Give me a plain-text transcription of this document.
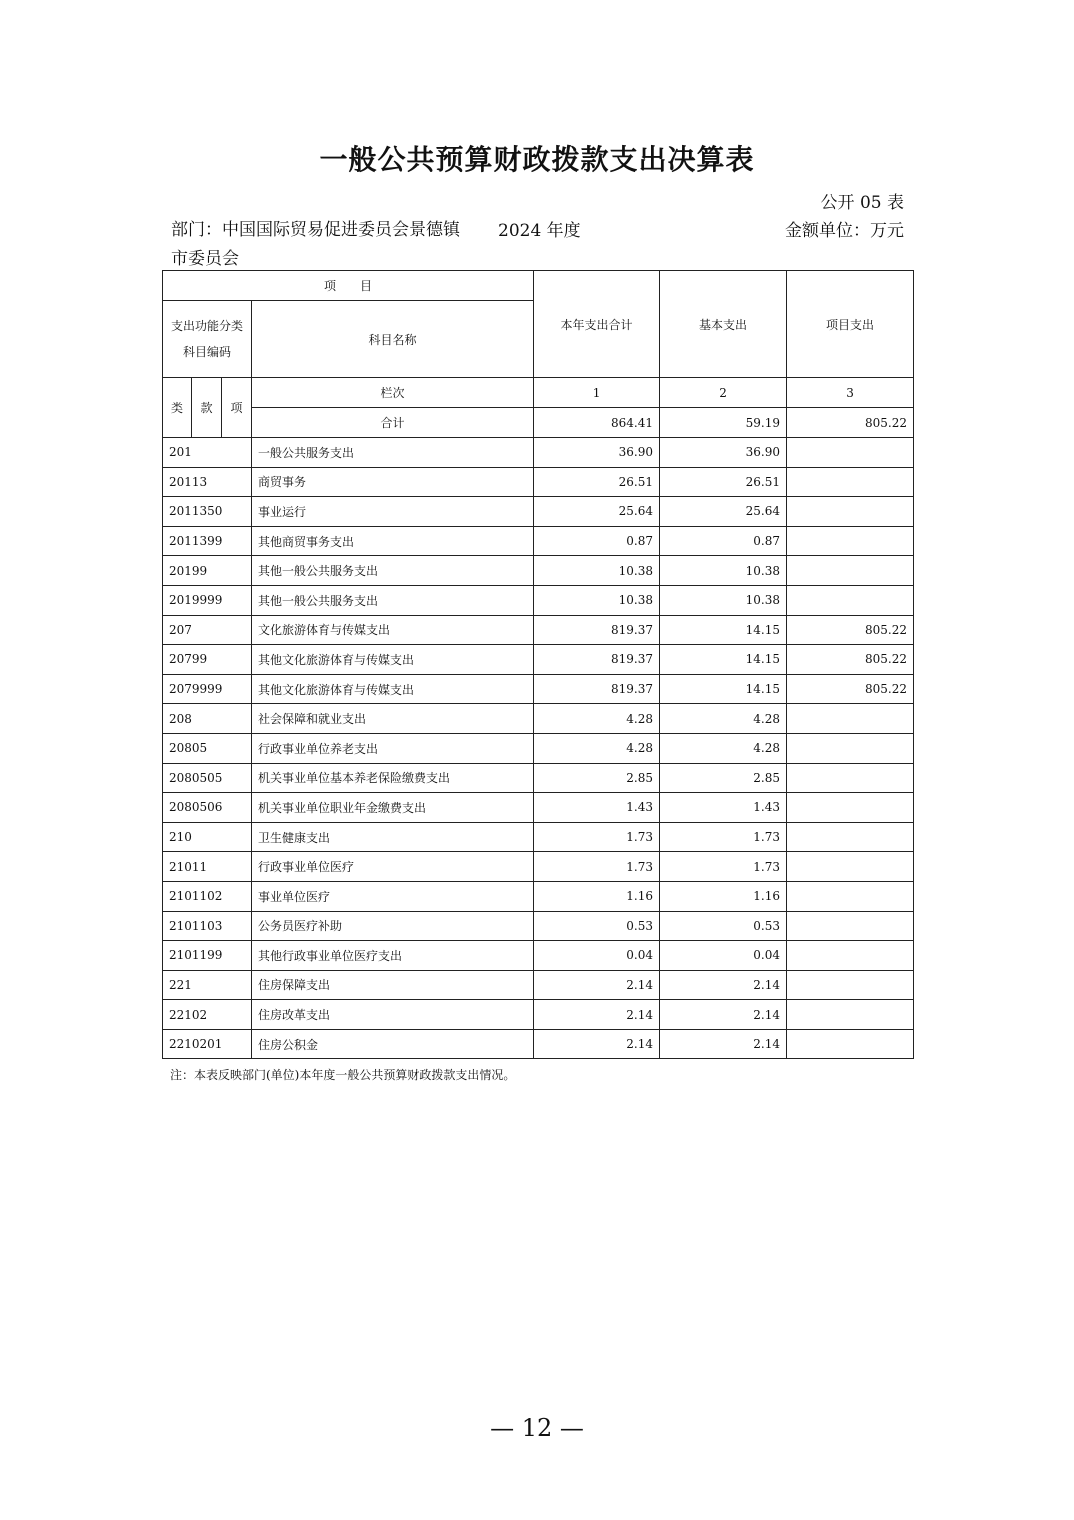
一般公共预算财政拨款支出决算表
公开 05 表
部门：中国国际贸易促进委员会景德镇市委员会
2024 年度	金额单位：万元
项　　目				本年支出合计	基本支出	项目支出
支出功能分类
科目编码			科目名称			
类	款	项	栏次	1	2	3
			合计	864.41	59.19	805.22
201			一般公共服务支出	36.90	36.90	
20113			商贸事务	26.51	26.51	
2011350			事业运行	25.64	25.64	
2011399			其他商贸事务支出	0.87	0.87	
20199			其他一般公共服务支出	10.38	10.38	
2019999			其他一般公共服务支出	10.38	10.38	
207			文化旅游体育与传媒支出	819.37	14.15	805.22
20799			其他文化旅游体育与传媒支出	819.37	14.15	805.22
2079999			其他文化旅游体育与传媒支出	819.37	14.15	805.22
208			社会保障和就业支出	4.28	4.28	
20805			行政事业单位养老支出	4.28	4.28	
2080505			机关事业单位基本养老保险缴费支出	2.85	2.85	
2080506			机关事业单位职业年金缴费支出	1.43	1.43	
210			卫生健康支出	1.73	1.73	
21011			行政事业单位医疗	1.73	1.73	
2101102			事业单位医疗	1.16	1.16	
2101103			公务员医疗补助	0.53	0.53	
2101199			其他行政事业单位医疗支出	0.04	0.04	
221			住房保障支出	2.14	2.14	
22102			住房改革支出	2.14	2.14	
2210201			住房公积金	2.14	2.14	
注：本表反映部门(单位)本年度一般公共预算财政拨款支出情况。
— 12 —
